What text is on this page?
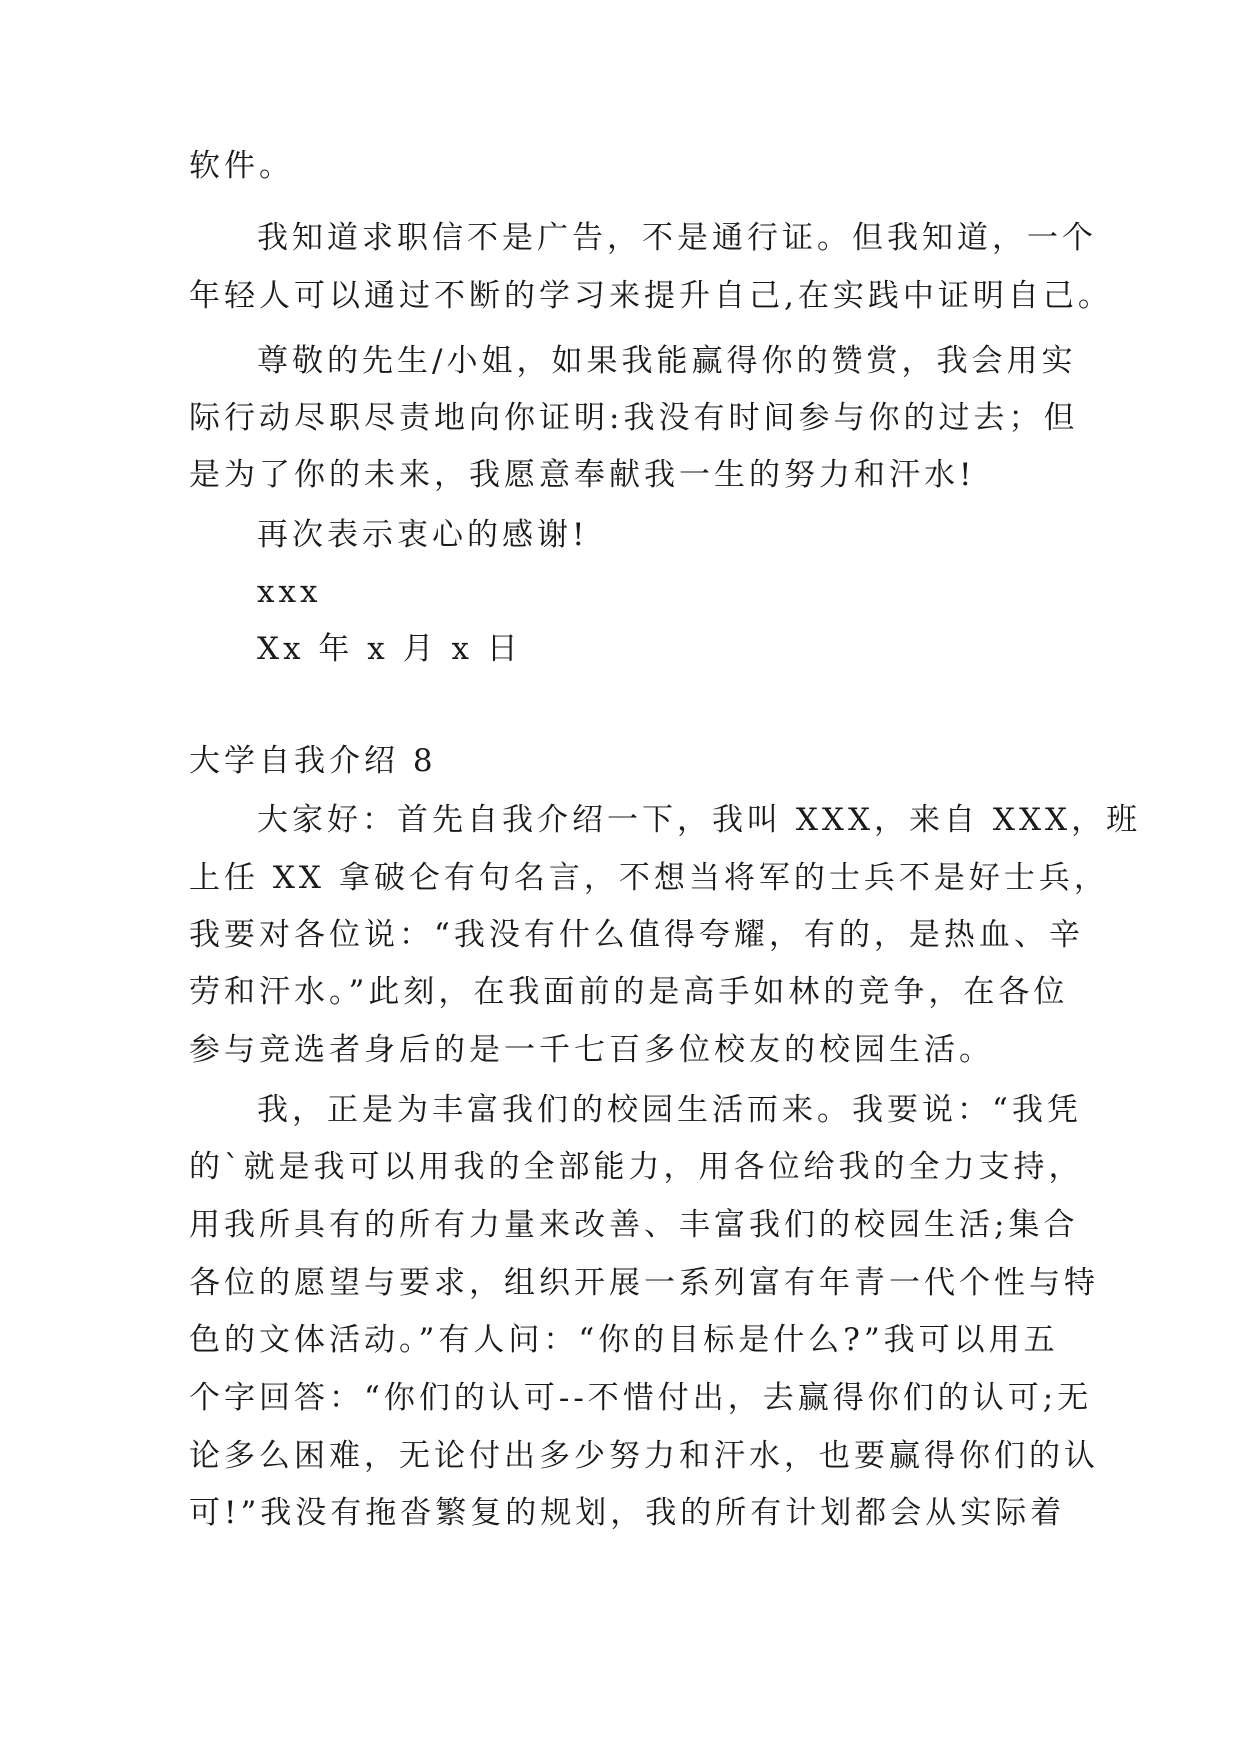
软件。
我知道求职信不是广告，不是通行证。但我知道，一个
年轻人可以通过不断的学习来提升自己,在实践中证明自己。
尊敬的先生/小姐，如果我能赢得你的赞赏，我会用实
际行动尽职尽责地向你证明:我没有时间参与你的过去；但
是为了你的未来，我愿意奉献我一生的努力和汗水!
再次表示衷心的感谢!
xxx
Xx 年 x 月 x 日
大学自我介绍 8
大家好：首先自我介绍一下，我叫 XXX，来自 XXX，班
上任 XX 拿破仑有句名言，不想当将军的士兵不是好士兵，
我要对各位说：“我没有什么值得夸耀，有的，是热血、辛
劳和汗水。”此刻，在我面前的是高手如林的竞争，在各位
参与竞选者身后的是一千七百多位校友的校园生活。
我，正是为丰富我们的校园生活而来。我要说：“我凭
的`就是我可以用我的全部能力，用各位给我的全力支持，
用我所具有的所有力量来改善、丰富我们的校园生活;集合
各位的愿望与要求，组织开展一系列富有年青一代个性与特
色的文体活动。”有人问：“你的目标是什么?”我可以用五
个字回答：“你们的认可--不惜付出，去赢得你们的认可;无
论多么困难，无论付出多少努力和汗水，也要赢得你们的认
可!”我没有拖沓繁复的规划，我的所有计划都会从实际着
